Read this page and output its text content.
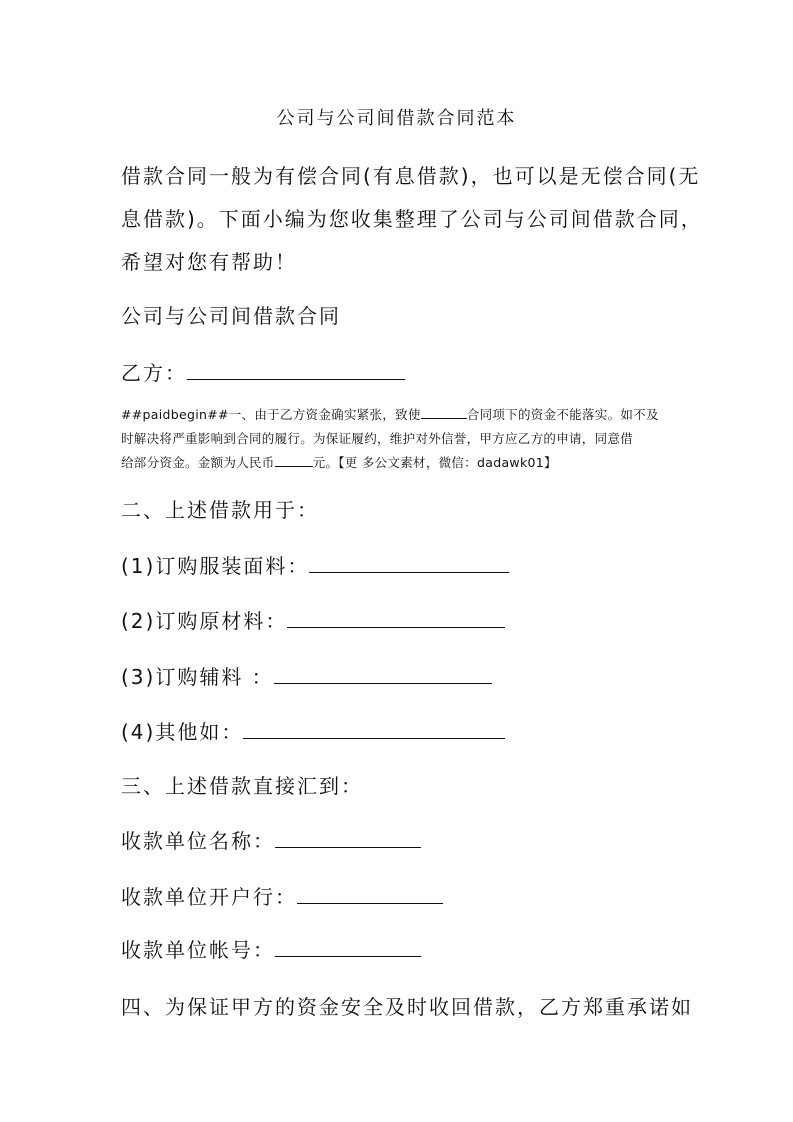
公司与公司间借款合同范本
借款合同一般为有偿合同(有息借款)，也可以是无偿合同(无
息借款)。下面小编为您收集整理了公司与公司间借款合同，
希望对您有帮助！
公司与公司间借款合同
乙方：
##paidbegin##一、由于乙方资金确实紧张，致使	合同项下的资金不能落实。如不及
时解决将严重影响到合同的履行。为保证履约，维护对外信誉，甲方应乙方的申请，同意借
给部分资金。金额为人民币	元。【更 多公文素材，微信：dadawk01】
二、上述借款用于：
(1)订购服装面料：
(2)订购原材料：
(3)订购辅料 ：
(4)其他如：
三、上述借款直接汇到：
收款单位名称：
收款单位开户行：
收款单位帐号：
四、为保证甲方的资金安全及时收回借款，乙方郑重承诺如
